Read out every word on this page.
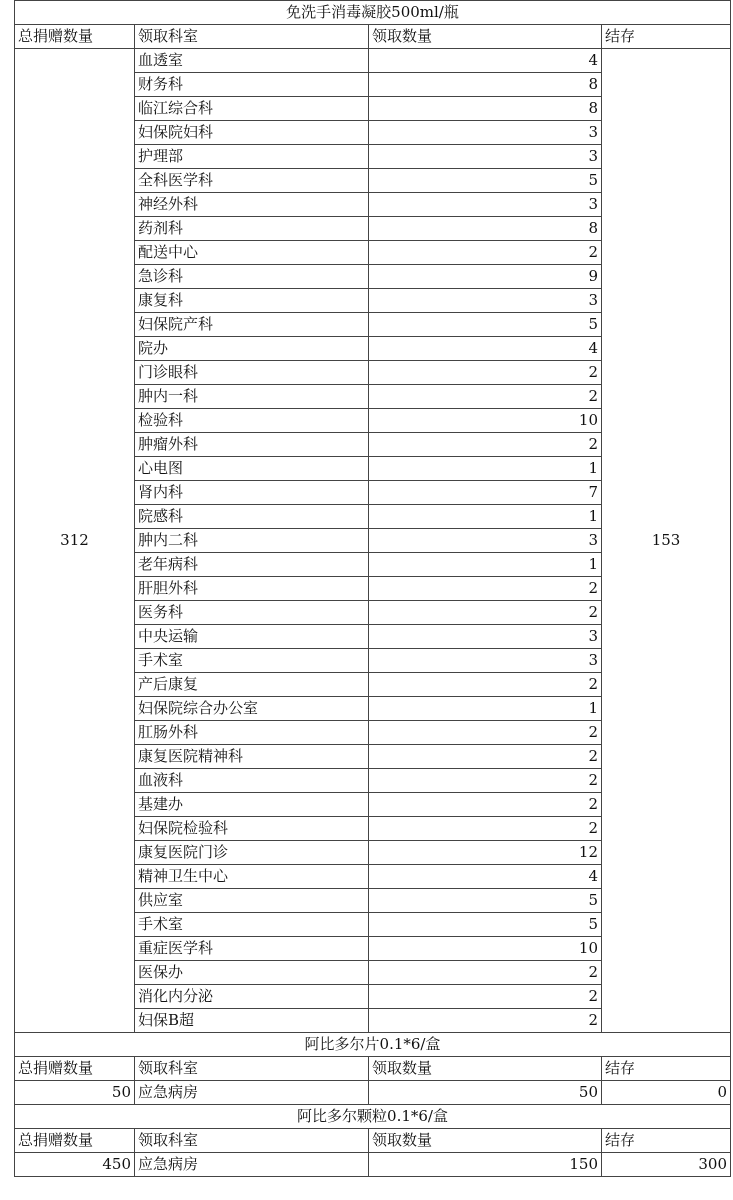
免洗手消毒凝胶500ml/瓶			
总捐赠数量	领取科室	领取数量	结存
312	血透室	4	153
	财务科	8	
	临江综合科	8	
	妇保院妇科	3	
	护理部	3	
	全科医学科	5	
	神经外科	3	
	药剂科	8	
	配送中心	2	
	急诊科	9	
	康复科	3	
	妇保院产科	5	
	院办	4	
	门诊眼科	2	
	肿内一科	2	
	检验科	10	
	肿瘤外科	2	
	心电图	1	
	肾内科	7	
	院感科	1	
	肿内二科	3	
	老年病科	1	
	肝胆外科	2	
	医务科	2	
	中央运输	3	
	手术室	3	
	产后康复	2	
	妇保院综合办公室	1	
	肛肠外科	2	
	康复医院精神科	2	
	血液科	2	
	基建办	2	
	妇保院检验科	2	
	康复医院门诊	12	
	精神卫生中心	4	
	供应室	5	
	手术室	5	
	重症医学科	10	
	医保办	2	
	消化内分泌	2	
	妇保B超	2	
阿比多尔片0.1*6/盒			
总捐赠数量	领取科室	领取数量	结存
50	应急病房	50	0
阿比多尔颗粒0.1*6/盒			
总捐赠数量	领取科室	领取数量	结存
450	应急病房	150	300
